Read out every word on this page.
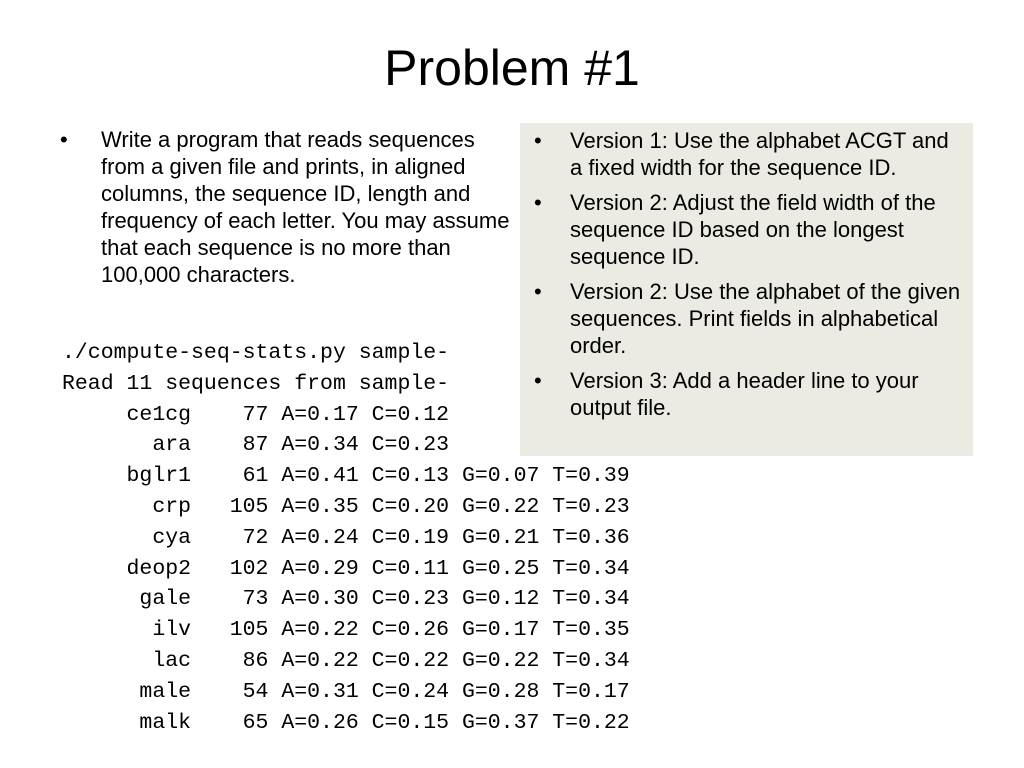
Problem #1
• Write a program that reads sequences from a given file and prints, in aligned columns, the sequence ID, length and frequency of each letter. You may assume that each sequence is no more than 100,000 characters.
./compute-seq-stats.py sample-
Read 11 sequences from sample-
ce1cg    77 A=0.17 C=0.12
ara    87 A=0.34 C=0.23
bglr1    61 A=0.41 C=0.13 G=0.07 T=0.39
crp   105 A=0.35 C=0.20 G=0.22 T=0.23
cya    72 A=0.24 C=0.19 G=0.21 T=0.36
deop2   102 A=0.29 C=0.11 G=0.25 T=0.34
gale    73 A=0.30 C=0.23 G=0.12 T=0.34
ilv   105 A=0.22 C=0.26 G=0.17 T=0.35
lac    86 A=0.22 C=0.22 G=0.22 T=0.34
male    54 A=0.31 C=0.24 G=0.28 T=0.17
malk    65 A=0.26 C=0.15 G=0.37 T=0.22
• Version 1: Use the alphabet ACGT and a fixed width for the sequence ID.
• Version 2: Adjust the field width of the sequence ID based on the longest sequence ID.
• Version 2: Use the alphabet of the given sequences. Print fields in alphabetical order.
• Version 3: Add a header line to your output file.
